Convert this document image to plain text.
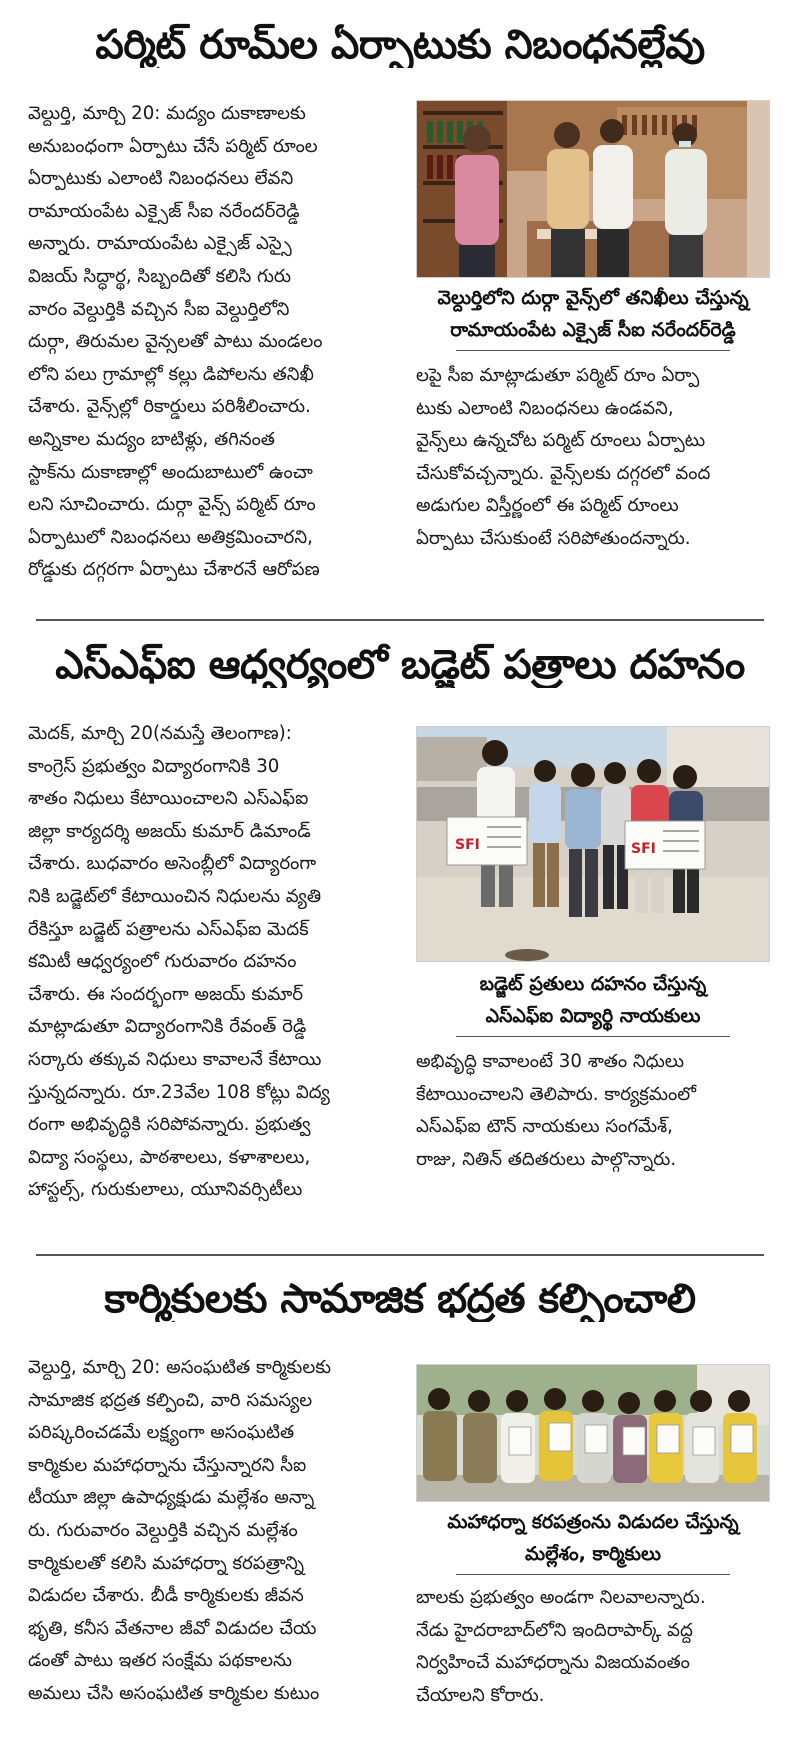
పర్మిట్ రూమ్‌ల ఏర్పాటుకు నిబంధనల్లేవు

వెల్దుర్తి, మార్చి 20: మద్యం దుకాణాలకు
అనుబంధంగా ఏర్పాటు చేసే పర్మిట్ రూంల
ఏర్పాటుకు ఎలాంటి నిబంధనలు లేవని
రామాయంపేట ఎక్సైజ్ సీఐ నరేందర్‌రెడ్డి
అన్నారు. రామాయంపేట ఎక్సైజ్ ఎస్సై
విజయ్ సిద్ధార్థ, సిబ్బందితో కలిసి గురు
వారం వెల్దుర్తికి వచ్చిన సీఐ వెల్దుర్తిలోని
దుర్గా, తిరుమల వైన్సలతో పాటు మండలం
లోని పలు గ్రామాల్లో కల్లు డిపోలను తనిఖీ
చేశారు. వైన్స్‌ల్లో రికార్డులు పరిశీలించారు.
అన్నికాల మద్యం బాటిళ్లు, తగినంత
స్టాక్‌ను దుకాణాల్లో అందుబాటులో ఉంచా
లని సూచించారు. దుర్గా వైన్స్ పర్మిట్ రూం
ఏర్పాటులో నిబంధనలు అతిక్రమించారని,
రోడ్డుకు దగ్గరగా ఏర్పాటు చేశారనే ఆరోపణ

వెల్దుర్తిలోని దుర్గా వైన్స్‌లో తనిఖీలు చేస్తున్న
రామాయంపేట ఎక్సైజ్ సీఐ నరేందర్‌రెడ్డి

లపై సీఐ మాట్లాడుతూ పర్మిట్ రూం ఏర్పా
టుకు ఎలాంటి నిబంధనలు ఉండవని,
వైన్స్‌లు ఉన్నచోట పర్మిట్ రూంలు ఏర్పాటు
చేసుకోవచ్చన్నారు. వైన్స్‌లకు దగ్గరలో వంద
అడుగుల విస్తీర్ణంలో ఈ పర్మిట్ రూంలు
ఏర్పాటు చేసుకుంటే సరిపోతుందన్నారు.

ఎస్‌ఎఫ్‌ఐ ఆధ్వర్యంలో బడ్జెట్ పత్రాలు దహనం

మెదక్, మార్చి 20(నమస్తే తెలంగాణ):
కాంగ్రెస్ ప్రభుత్వం విద్యారంగానికి 30
శాతం నిధులు కేటాయించాలని ఎస్‌ఎఫ్‌ఐ
జిల్లా కార్యదర్శి అజయ్ కుమార్ డిమాండ్
చేశారు. బుధవారం అసెంబ్లీలో విద్యారంగా
నికి బడ్జెట్‌లో కేటాయించిన నిధులను వ్యతి
రేకిస్తూ బడ్జెట్ పత్రాలను ఎస్‌ఎఫ్‌ఐ మెదక్
కమిటీ ఆధ్వర్యంలో గురువారం దహనం
చేశారు. ఈ సందర్భంగా అజయ్ కుమార్
మాట్లాడుతూ విద్యారంగానికి రేవంత్ రెడ్డి
సర్కారు తక్కువ నిధులు కావాలనే కేటాయి
స్తున్నదన్నారు. రూ.23వేల 108 కోట్లు విద్య
రంగా అభివృద్ధికి సరిపోవన్నారు. ప్రభుత్వ
విద్యా సంస్థలు, పాఠశాలలు, కళాశాలలు,
హాస్టల్స్, గురుకులాలు, యూనివర్సిటీలు

SFI	SFI
బడ్జెట్ ప్రతులు దహనం చేస్తున్న
ఎస్‌ఎఫ్‌ఐ విద్యార్థి నాయకులు

అభివృద్ధి కావాలంటే 30 శాతం నిధులు
కేటాయించాలని తెలిపారు. కార్యక్రమంలో
ఎస్‌ఎఫ్‌ఐ టౌన్ నాయకులు సంగమేశ్,
రాజు, నితిన్ తదితరులు పాల్గొన్నారు.

కార్మికులకు సామాజిక భద్రత కల్పించాలి

వెల్దుర్తి, మార్చి 20: అసంఘటిత కార్మికులకు
సామాజిక భద్రత కల్పించి, వారి సమస్యల
పరిష్కరించడమే లక్ష్యంగా అసంఘటిత
కార్మికుల మహాధర్నాను చేస్తున్నారని సీఐ
టీయూ జిల్లా ఉపాధ్యక్షుడు మల్లేశం అన్నా
రు. గురువారం వెల్దుర్తికి వచ్చిన మల్లేశం
కార్మికులతో కలిసి మహాధర్నా కరపత్రాన్ని
విడుదల చేశారు. బీడీ కార్మికులకు జీవన
భృతి, కనీస వేతనాల జీవో విడుదల చేయ
డంతో పాటు ఇతర సంక్షేమ పథకాలను
అమలు చేసి అసంఘటిత కార్మికుల కుటుం

మహాధర్నా కరపత్రంను విడుదల చేస్తున్న
మల్లేశం, కార్మికులు

బాలకు ప్రభుత్వం అండగా నిలవాలన్నారు.
నేడు హైదరాబాద్‌లోని ఇందిరాపార్క్ వద్ద
నిర్వహించే మహాధర్నాను విజయవంతం
చేయాలని కోరారు.
